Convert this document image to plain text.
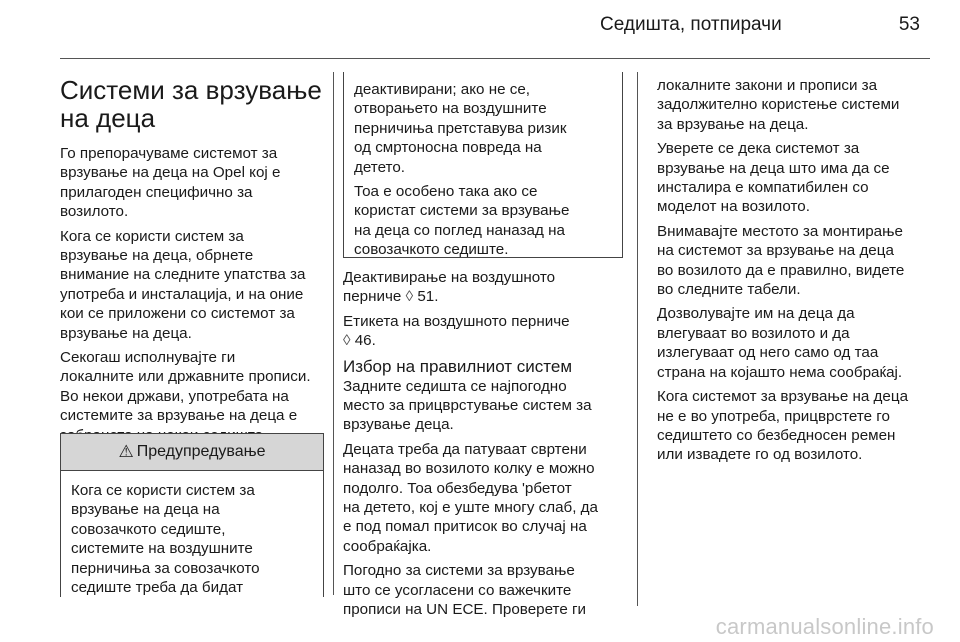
Седишта, потпирачи	53
Системи за врзување
на деца

Го препорачуваме системот за
врзување на деца на Opel кој е
прилагоден специфично за
возилото.

Кога се користи систем за
врзување на деца, обрнете
внимание на следните упатства за
употреба и инсталација, и на оние
кои се приложени со системот за
врзување на деца.

Секогаш исполнувајте ги
локалните или државните прописи.
Во некои држави, употребата на
системите за врзување на деца е

⚠ Предупредување
Кога се користи систем за
врзување на деца на
совозачкото седиште,
системите на воздушните
перничиња за совозачкото
седиште треба да бидат

деактивирани; ако не се,
отворањето на воздушните
перничиња претставува ризик
од смртоносна повреда на
детето.

Тоа е особено така ако се
користат системи за врзување
на деца со поглед наназад на
совозачкото седиште.

Деактивирање на воздушното
перниче ◊ 51.

Етикета на воздушното перниче
◊ 46.

Избор на правилниот систем

Задните седишта се најпогодно
место за прицврстување систем за
врзување деца.

Децата треба да патуваат свртени
наназад во возилото колку е можно
подолго. Тоа обезбедува 'рбетот
на детето, кој е уште многу слаб, да
е под помал притисок во случај на
сообраќајка.

Погодно за системи за врзување
што се усогласени со важечките
прописи на UN ECE. Проверете ги

локалните закони и прописи за
задолжително користење системи
за врзување на деца.

Уверете се дека системот за
врзување на деца што има да се
инсталира е компатибилен со
моделот на возилото.

Внимавајте местото за монтирање
на системот за врзување на деца
во возилото да е правилно, видете
во следните табели.

Дозволувајте им на деца да
влегуваат во возилото и да
излегуваат од него само од таа
страна на којашто нема сообраќај.

Кога системот за врзување на деца
не е во употреба, прицврстете го
седиштето со безбедносен ремен
или извадете го од возилото.

carmanualsonline.info
